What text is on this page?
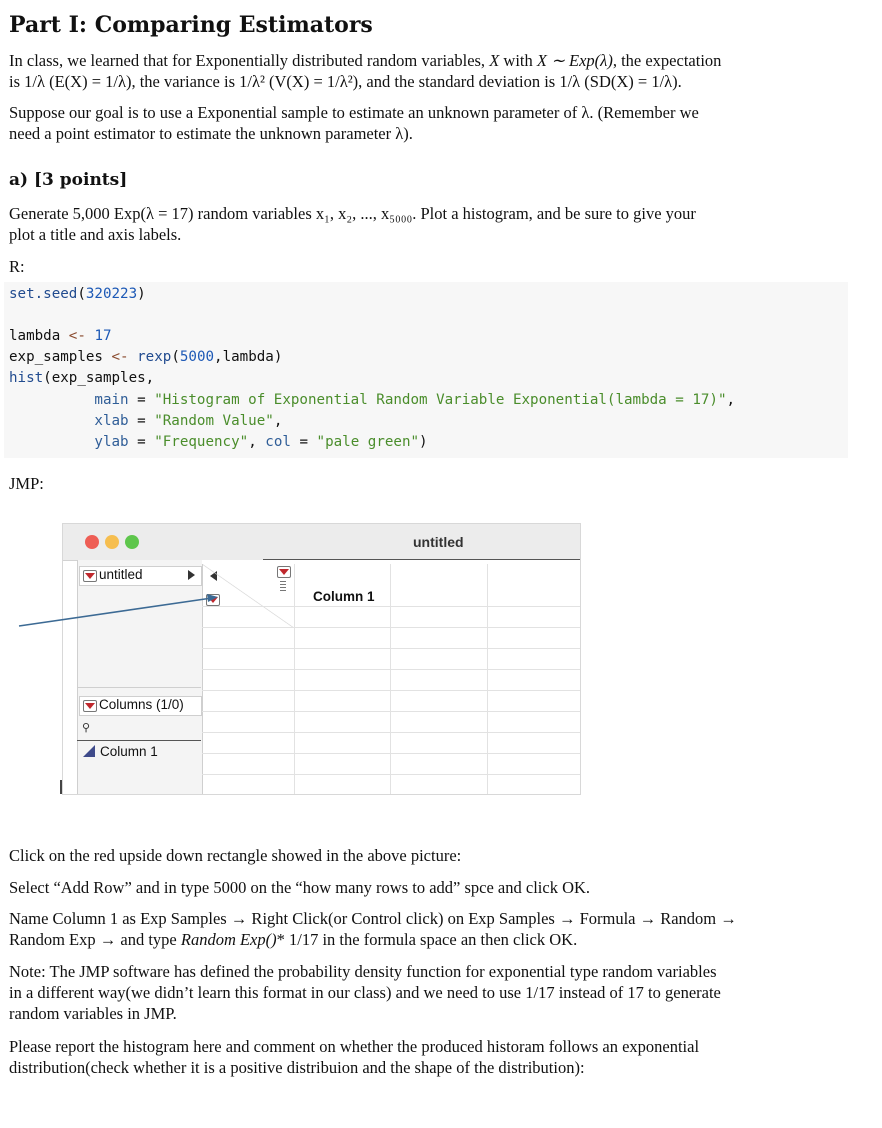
Part I: Comparing Estimators
In class, we learned that for Exponentially distributed random variables, X with X ∼ Exp(λ), the expectation
is 1/λ (E(X) = 1/λ), the variance is 1/λ² (V(X) = 1/λ²), and the standard deviation is 1/λ (SD(X) = 1/λ).
Suppose our goal is to use a Exponential sample to estimate an unknown parameter of λ. (Remember we
need a point estimator to estimate the unknown parameter λ).
a) [3 points]
Generate 5,000 Exp(λ = 17) random variables x₁, x₂, ..., x₅₀₀₀. Plot a histogram, and be sure to give your
plot a title and axis labels.
R:
set.seed(320223)
lambda <- 17
exp_samples <- rexp(5000,lambda)
hist(exp_samples,
main = "Histogram of Exponential Random Variable Exponential(lambda = 17)",
xlab = "Random Value",
ylab = "Frequency", col = "pale green")
JMP:
untitled
untitled
Columns (1/0)
⚲
Column 1
Column 1
Click on the red upside down rectangle showed in the above picture:
Select “Add Row” and in type 5000 on the “how many rows to add” spce and click OK.
Name Column 1 as Exp Samples → Right Click(or Control click) on Exp Samples → Formula → Random →
Random Exp → and type Random Exp()* 1/17 in the formula space an then click OK.
Note: The JMP software has defined the probability density function for exponential type random variables
in a different way(we didn’t learn this format in our class) and we need to use 1/17 instead of 17 to generate
random variables in JMP.
Please report the histogram here and comment on whether the produced historam follows an exponential
distribution(check whether it is a positive distribuion and the shape of the distribution):
